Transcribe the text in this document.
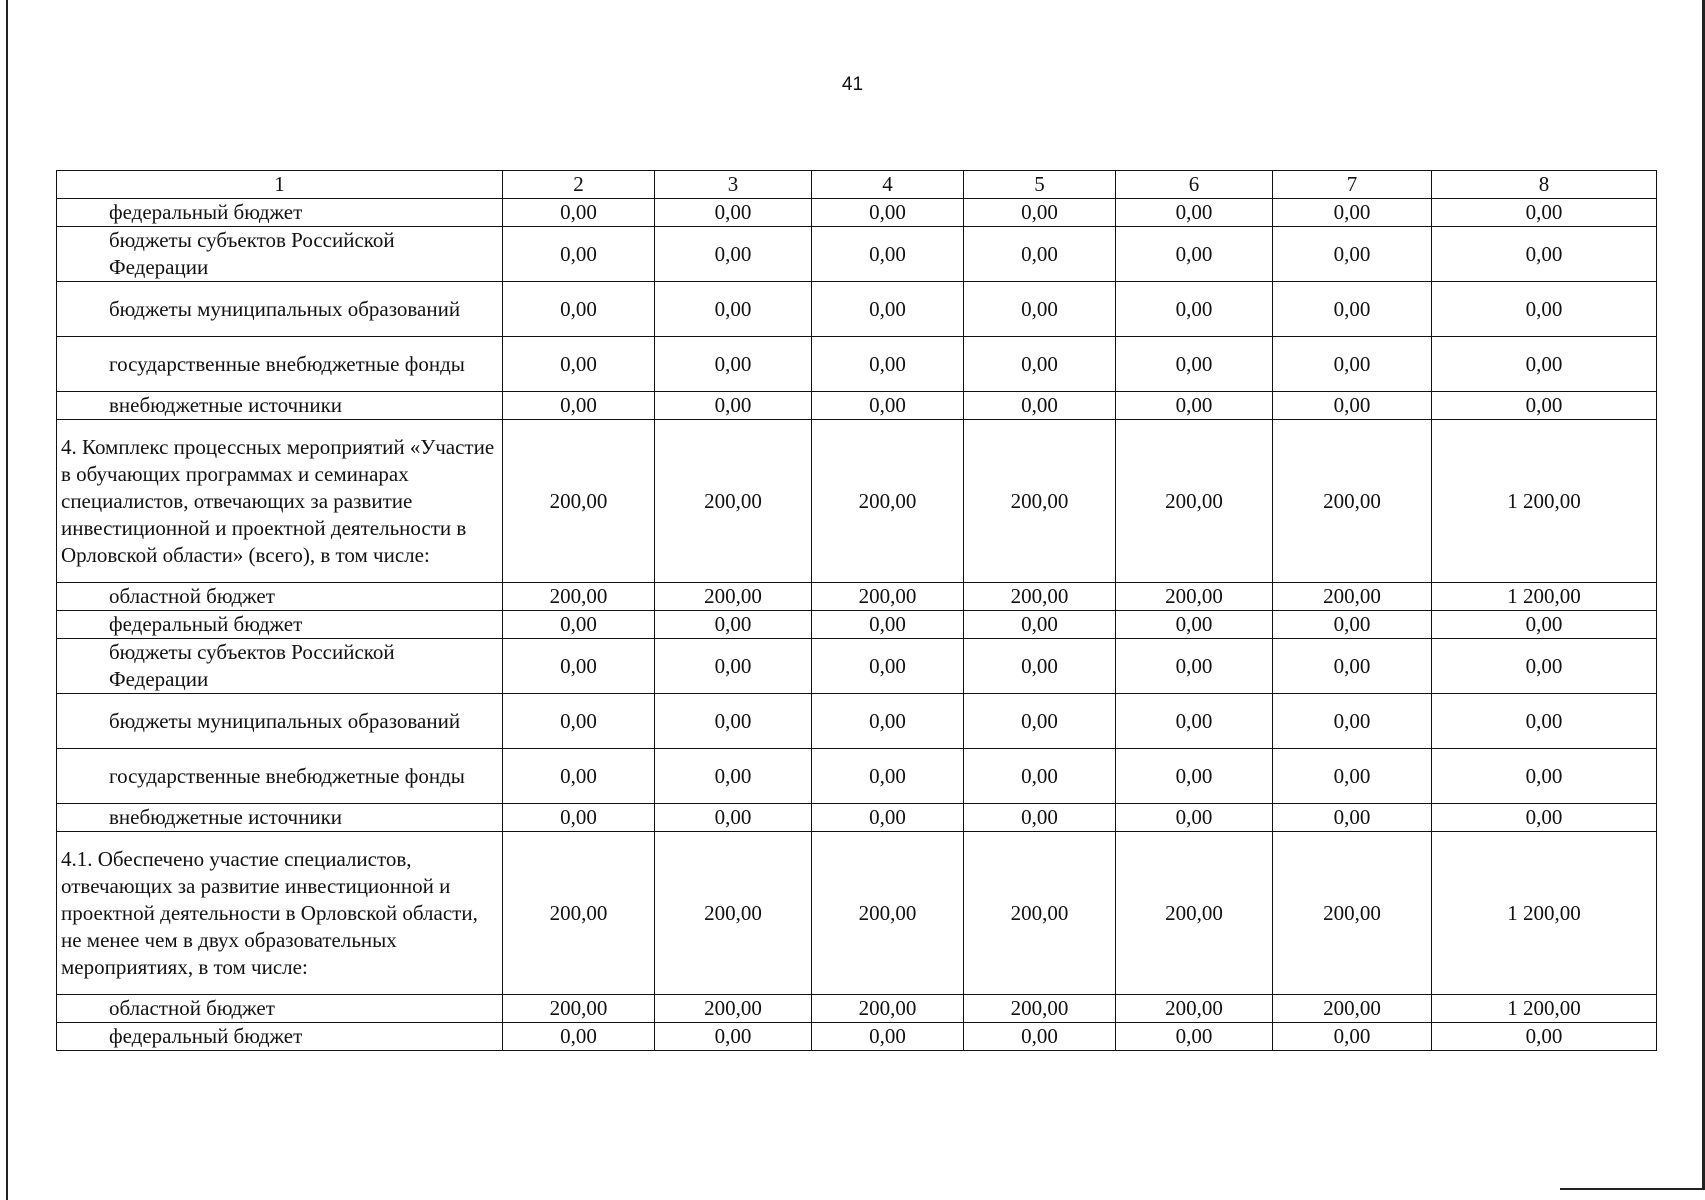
41
1	2	3	4	5	6	7	8
федеральный бюджет	0,00	0,00	0,00	0,00	0,00	0,00	0,00
бюджеты субъектов Российской Федерации	0,00	0,00	0,00	0,00	0,00	0,00	0,00
бюджеты муниципальных образований	0,00	0,00	0,00	0,00	0,00	0,00	0,00
государственные внебюджетные фонды	0,00	0,00	0,00	0,00	0,00	0,00	0,00
внебюджетные источники	0,00	0,00	0,00	0,00	0,00	0,00	0,00
4. Комплекс процессных мероприятий «Участие в обучающих программах и семинарах специалистов, отвечающих за развитие инвестиционной и проектной деятельности в Орловской области» (всего), в том числе:	200,00	200,00	200,00	200,00	200,00	200,00	1 200,00
областной бюджет	200,00	200,00	200,00	200,00	200,00	200,00	1 200,00
федеральный бюджет	0,00	0,00	0,00	0,00	0,00	0,00	0,00
бюджеты субъектов Российской Федерации	0,00	0,00	0,00	0,00	0,00	0,00	0,00
бюджеты муниципальных образований	0,00	0,00	0,00	0,00	0,00	0,00	0,00
государственные внебюджетные фонды	0,00	0,00	0,00	0,00	0,00	0,00	0,00
внебюджетные источники	0,00	0,00	0,00	0,00	0,00	0,00	0,00
4.1. Обеспечено участие специалистов, отвечающих за развитие инвестиционной и проектной деятельности в Орловской области, не менее чем в двух образовательных мероприятиях, в том числе:	200,00	200,00	200,00	200,00	200,00	200,00	1 200,00
областной бюджет	200,00	200,00	200,00	200,00	200,00	200,00	1 200,00
федеральный бюджет	0,00	0,00	0,00	0,00	0,00	0,00	0,00
